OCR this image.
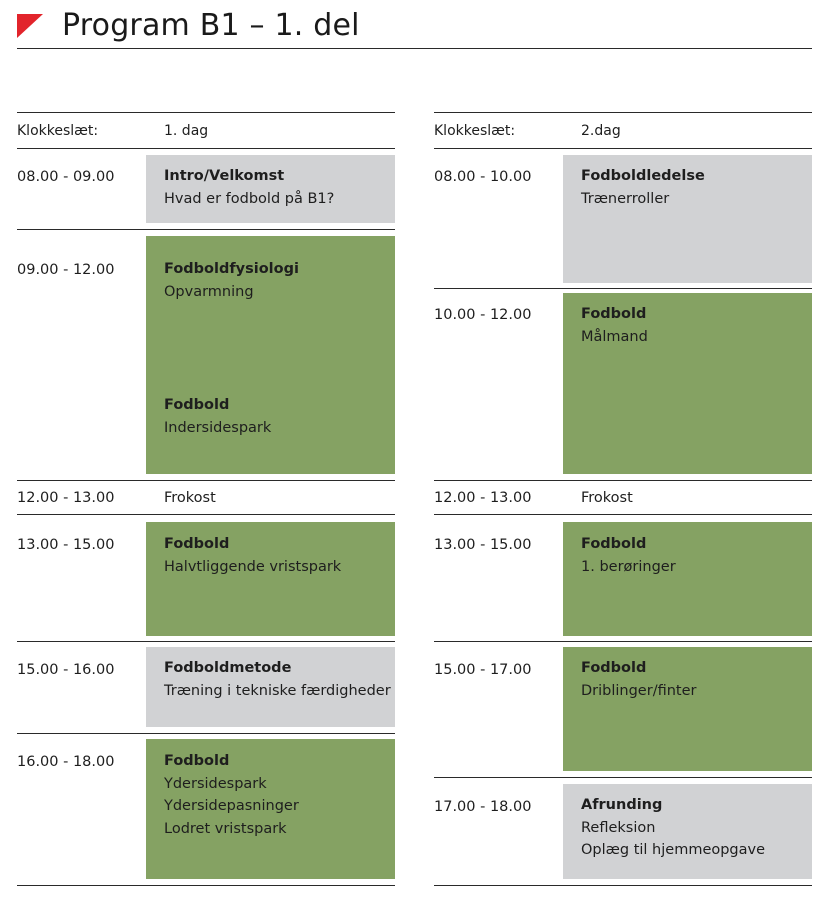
Program B1 – 1. del
Klokkeslæt:	1. dag
08.00 - 09.00	Intro/Velkomst
Hvad er fodbold på B1?
09.00 - 12.00	Fodboldfysiologi
Opvarmning
Fodbold
Indersidespark
12.00 - 13.00	Frokost
13.00 - 15.00	Fodbold
Halvtliggende vristspark
15.00 - 16.00	Fodboldmetode
Træning i tekniske færdigheder
16.00 - 18.00	Fodbold
Ydersidespark
Ydersidepasninger
Lodret vristspark
Klokkeslæt:	2.dag
08.00 - 10.00	Fodboldledelse
Trænerroller
10.00 - 12.00	Fodbold
Målmand
12.00 - 13.00	Frokost
13.00 - 15.00	Fodbold
1. berøringer
15.00 - 17.00	Fodbold
Driblinger/finter
17.00 - 18.00	Afrunding
Refleksion
Oplæg til hjemmeopgave
